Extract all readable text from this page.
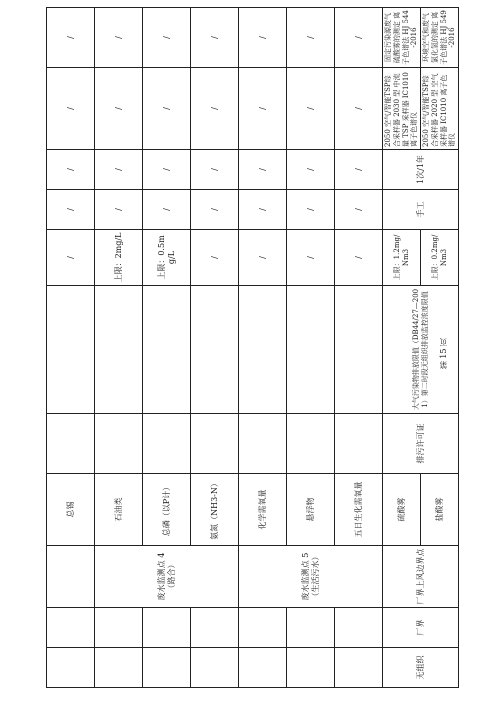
			总锡			/	/	/	/	/
		废水监测点 4（路合）	石油类			上限：2mg/L	/	/	/	/
			总磷（以P计）			上限：0.5mg/L	/	/	/	/
			氨氮（NH3-N）			/	/	/	/	/
		废水监测点 5（生活污水）	化学需氧量			/	/	/	/	/
			悬浮物			/	/	/	/	/
			五日生化需氧量			/	/	/	/	/
无组织	厂界	厂界上风边界点	硫酸雾	排污许可证	大气污染物排放限值（DB44/27—2001）第二时段无组织排放监控浓度限值	上限：1.2mg/Nm3	手工	1次/1年	2050 空气/智能TSP综合采样器 2030 型 中流量 TSP 采样器 IC1010 离子色谱仪	固定污染源废气 硫酸雾的测定 离子色谱法 HJ 544-2016
			盐酸雾			上限：0.2mg/Nm3			2050 空气/智能TSP综合采样器 2020 型 空气采样器 IC1010 离子色谱仪	环境空气和废气 氯化氢的测定 离子色谱法 HJ 549-2016
第 15 页
